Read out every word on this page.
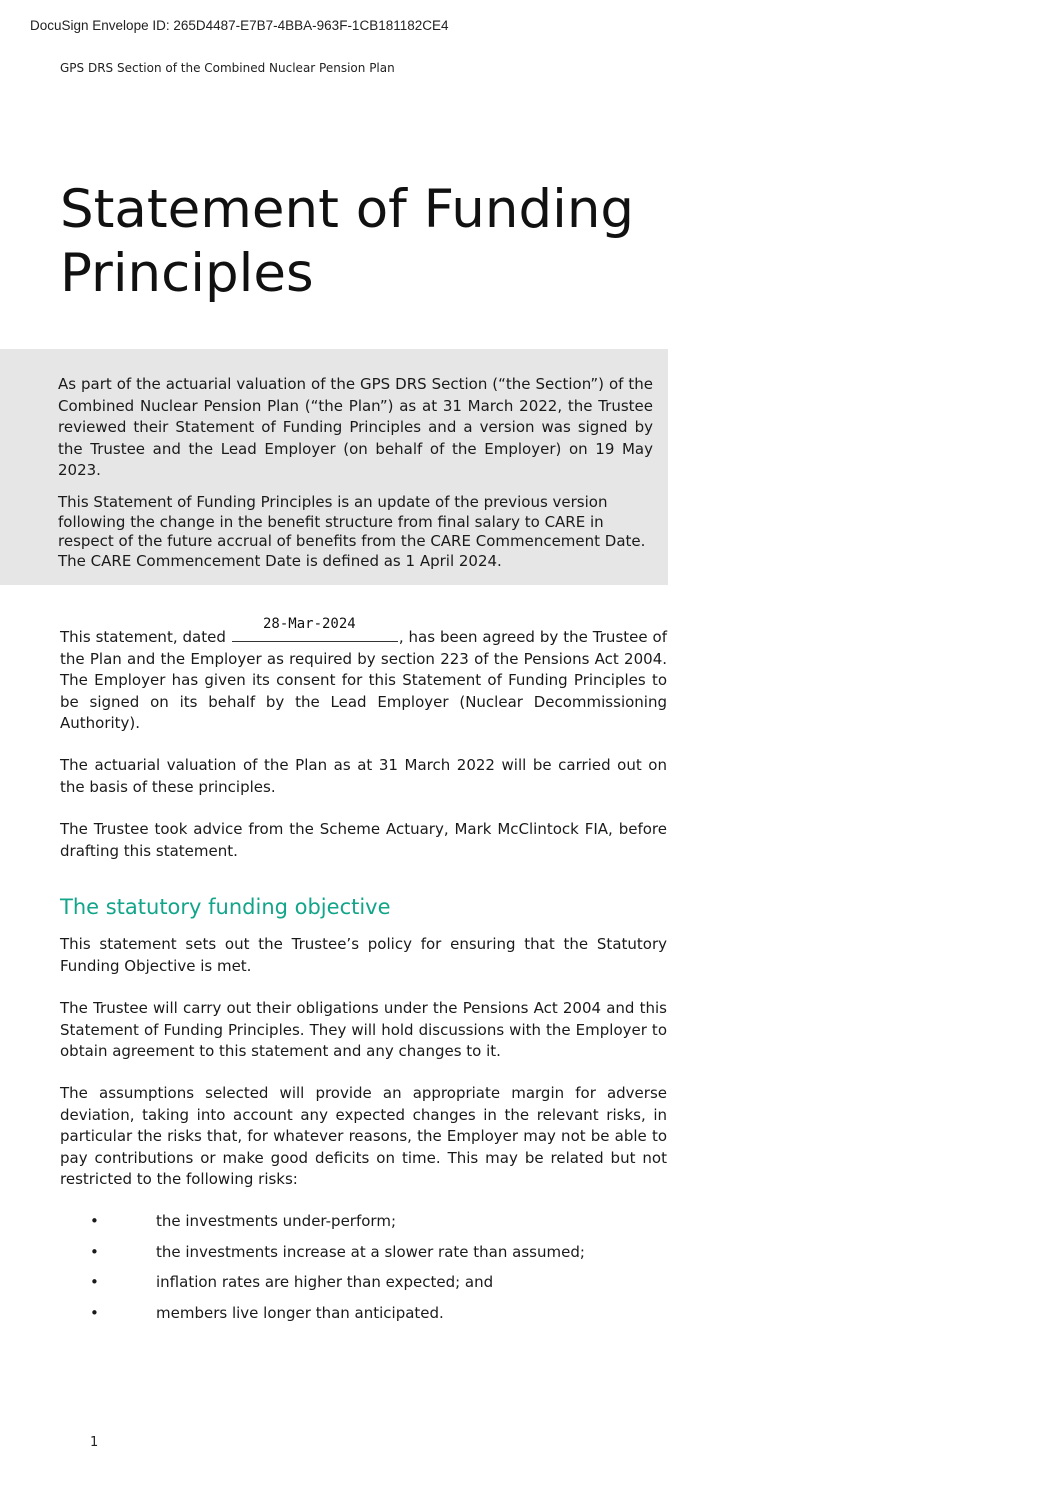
DocuSign Envelope ID: 265D4487-E7B7-4BBA-963F-1CB181182CE4
GPS DRS Section of the Combined Nuclear Pension Plan
Statement of Funding Principles

As part of the actuarial valuation of the GPS DRS Section (“the Section”) of the Combined Nuclear Pension Plan (“the Plan”) as at 31 March 2022, the Trustee reviewed their Statement of Funding Principles and a version was signed by the Trustee and the Lead Employer (on behalf of the Employer) on 19 May 2023.

This Statement of Funding Principles is an update of the previous version following the change in the benefit structure from final salary to CARE in respect of the future accrual of benefits from the CARE Commencement Date. The CARE Commencement Date is defined as 1 April 2024.

28-Mar-2024

This statement, dated	, has been agreed by the Trustee of the Plan and the Employer as required by section 223 of the Pensions Act 2004. The Employer has given its consent for this Statement of Funding Principles to be signed on its behalf by the Lead Employer (Nuclear Decommissioning Authority).

The actuarial valuation of the Plan as at 31 March 2022 will be carried out on the basis of these principles.

The Trustee took advice from the Scheme Actuary, Mark McClintock FIA, before drafting this statement.

The statutory funding objective

This statement sets out the Trustee’s policy for ensuring that the Statutory Funding Objective is met.

The Trustee will carry out their obligations under the Pensions Act 2004 and this Statement of Funding Principles. They will hold discussions with the Employer to obtain agreement to this statement and any changes to it.

The assumptions selected will provide an appropriate margin for adverse deviation, taking into account any expected changes in the relevant risks, in particular the risks that, for whatever reasons, the Employer may not be able to pay contributions or make good deficits on time. This may be related but not restricted to the following risks:

•	the investments under-perform;
•	the investments increase at a slower rate than assumed;
•	inflation rates are higher than expected; and
•	members live longer than anticipated.
1
